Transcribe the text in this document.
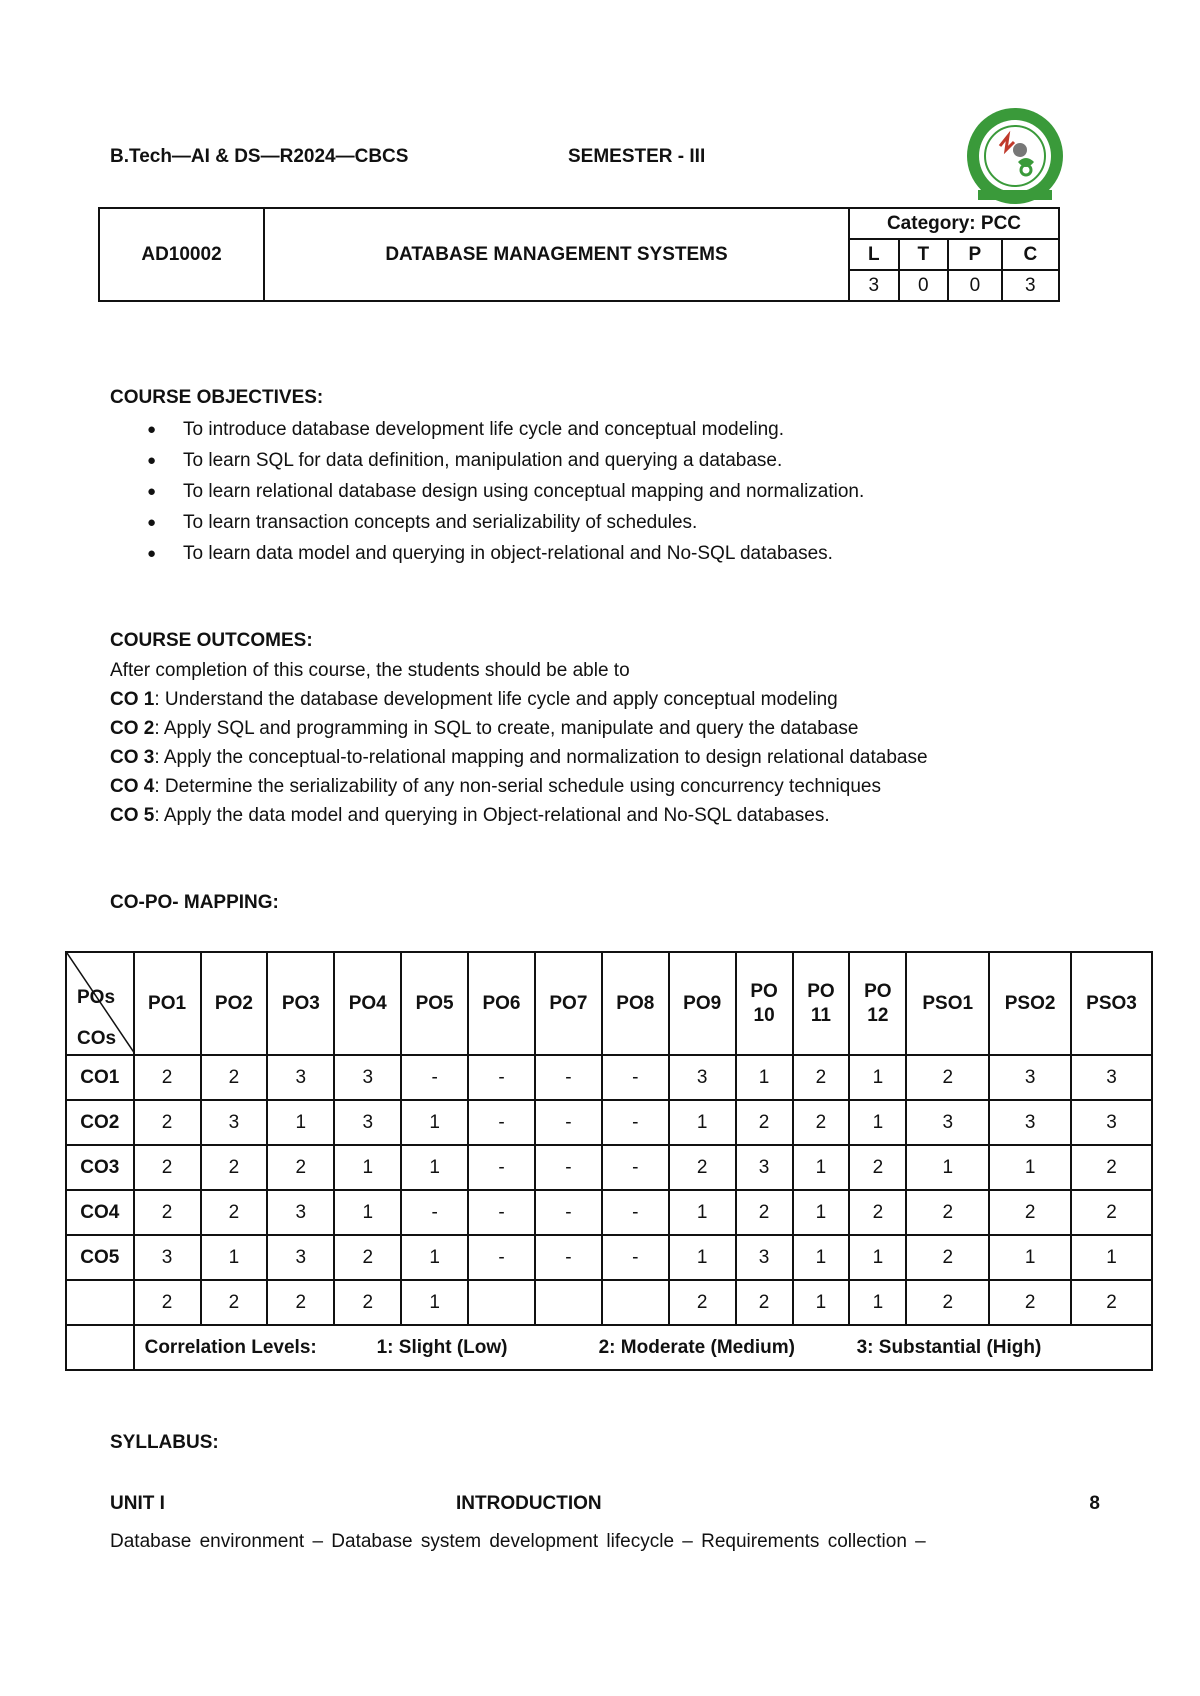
B.Tech—AI & DS—R2024—CBCS	SEMESTER - III
AD10002	DATABASE MANAGEMENT SYSTEMS	Category: PCC			
		L	T	P	C
		3	0	0	3
COURSE OBJECTIVES:
● To introduce database development life cycle and conceptual modeling.
● To learn SQL for data definition, manipulation and querying a database.
● To learn relational database design using conceptual mapping and normalization.
● To learn transaction concepts and serializability of schedules.
● To learn data model and querying in object-relational and No-SQL databases.
COURSE OUTCOMES:
After completion of this course, the students should be able to
CO 1: Understand the database development life cycle and apply conceptual modeling
CO 2: Apply SQL and programming in SQL to create, manipulate and query the database
CO 3: Apply the conceptual-to-relational mapping and normalization to design relational database
CO 4: Determine the serializability of any non-serial schedule using concurrency techniques
CO 5: Apply the data model and querying in Object-relational and No-SQL databases.
CO-PO- MAPPING:
POs
COs	PO1	PO2	PO3	PO4	PO5	PO6	PO7	PO8	PO9	PO 10	PO 11	PO 12	PSO1	PSO2	PSO3
CO1	2	2	3	3	-	-	-	-	3	1	2	1	2	3	3
CO2	2	3	1	3	1	-	-	-	1	2	2	1	3	3	3
CO3	2	2	2	1	1	-	-	-	2	3	1	2	1	1	2
CO4	2	2	3	1	-	-	-	-	1	2	1	2	2	2	2
CO5	3	1	3	2	1	-	-	-	1	3	1	1	2	1	1
	2	2	2	2	1				2	2	1	1	2	2	2
	Correlation Levels: 1: Slight (Low) 2: Moderate (Medium) 3: Substantial (High)														
SYLLABUS:
UNIT I	INTRODUCTION	8
Database environment – Database system development lifecycle – Requirements collection –
